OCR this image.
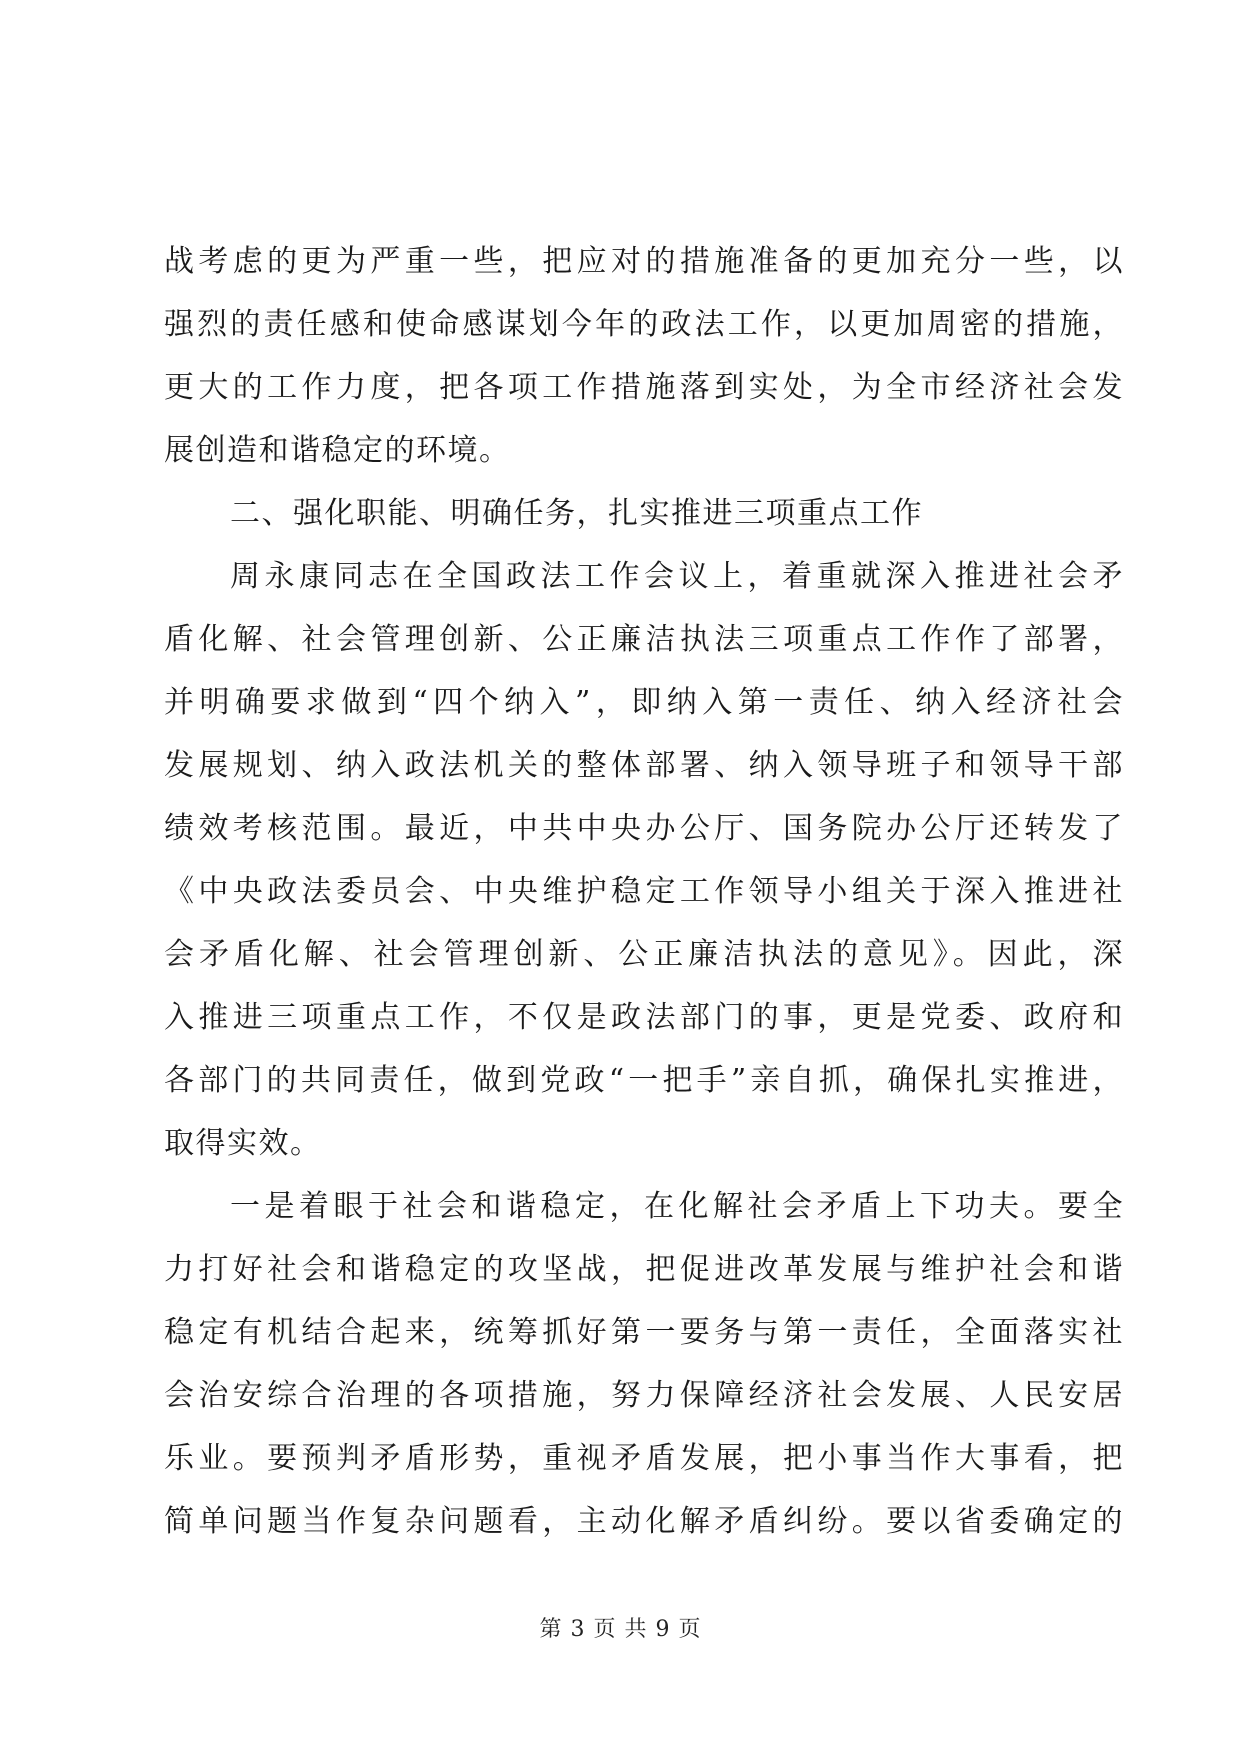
战考虑的更为严重一些，把应对的措施准备的更加充分一些，以
强烈的责任感和使命感谋划今年的政法工作，以更加周密的措施，
更大的工作力度，把各项工作措施落到实处，为全市经济社会发
展创造和谐稳定的环境。
二、强化职能、明确任务，扎实推进三项重点工作
周永康同志在全国政法工作会议上，着重就深入推进社会矛
盾化解、社会管理创新、公正廉洁执法三项重点工作作了部署，
并明确要求做到“四个纳入”，即纳入第一责任、纳入经济社会
发展规划、纳入政法机关的整体部署、纳入领导班子和领导干部
绩效考核范围。最近，中共中央办公厅、国务院办公厅还转发了
《中央政法委员会、中央维护稳定工作领导小组关于深入推进社
会矛盾化解、社会管理创新、公正廉洁执法的意见》。因此，深
入推进三项重点工作，不仅是政法部门的事，更是党委、政府和
各部门的共同责任，做到党政“一把手”亲自抓，确保扎实推进，
取得实效。
一是着眼于社会和谐稳定，在化解社会矛盾上下功夫。要全
力打好社会和谐稳定的攻坚战，把促进改革发展与维护社会和谐
稳定有机结合起来，统筹抓好第一要务与第一责任，全面落实社
会治安综合治理的各项措施，努力保障经济社会发展、人民安居
乐业。要预判矛盾形势，重视矛盾发展，把小事当作大事看，把
简单问题当作复杂问题看，主动化解矛盾纠纷。要以省委确定的
第 3 页 共 9 页
